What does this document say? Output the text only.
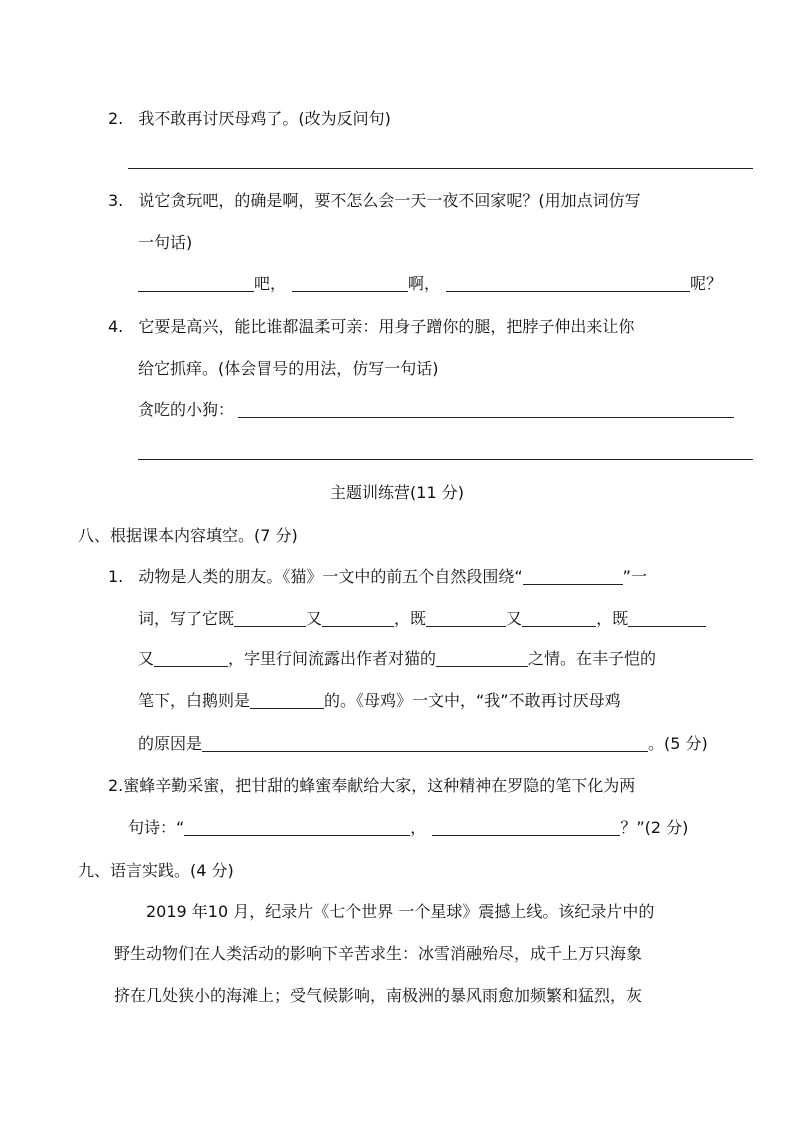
2. 我不敢再讨厌母鸡了。(改为反问句)
3. 说它贪玩吧，的确是啊，要不怎么会一天一夜不回家呢？(用加点词仿写
一句话)
吧，	啊，	呢？
4. 它要是高兴，能比谁都温柔可亲：用身子蹭你的腿，把脖子伸出来让你
给它抓痒。(体会冒号的用法，仿写一句话)
贪吃的小狗：
主题训练营(11 分)
八、根据课本内容填空。(7 分)
1. 动物是人类的朋友。《猫》一文中的前五个自然段围绕“	”一
词，写了它既	又	，既	又	，既
又	，字里行间流露出作者对猫的	之情。在丰子恺的
笔下，白鹅则是	的。《母鸡》一文中，“我”不敢再讨厌母鸡
的原因是	。(5 分)
2.蜜蜂辛勤采蜜，把甘甜的蜂蜜奉献给大家，这种精神在罗隐的笔下化为两
句诗：“	，	？”(2 分)
九、语言实践。(4 分)
2019 年10 月，纪录片《七个世界 一个星球》震撼上线。该纪录片中的
野生动物们在人类活动的影响下辛苦求生：冰雪消融殆尽，成千上万只海象
挤在几处狭小的海滩上；受气候影响，南极洲的暴风雨愈加频繁和猛烈，灰
